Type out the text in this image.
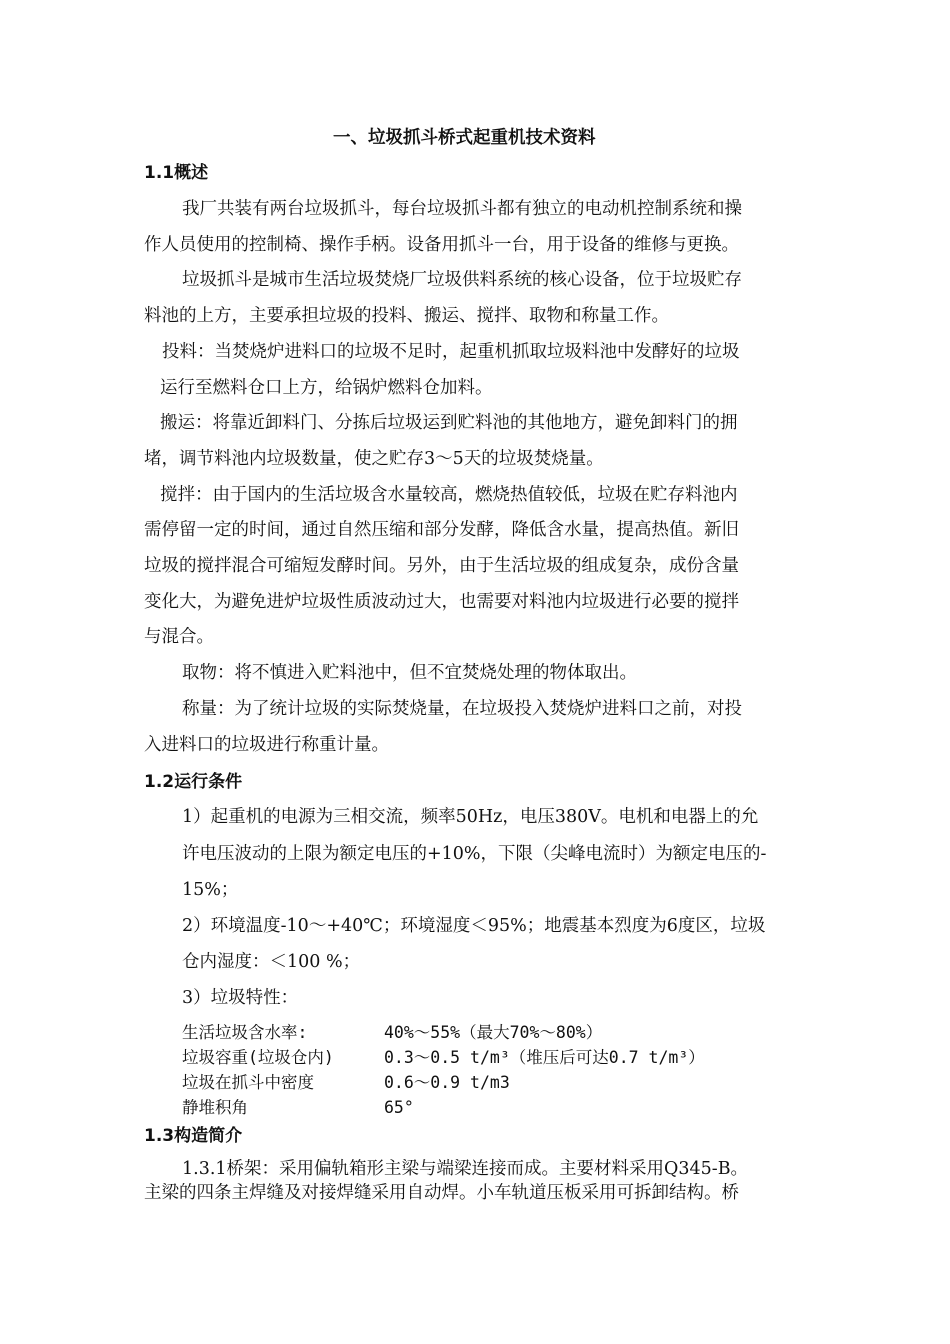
一、垃圾抓斗桥式起重机技术资料
1.1概述
我厂共装有两台垃圾抓斗，每台垃圾抓斗都有独立的电动机控制系统和操
作人员使用的控制椅、操作手柄。设备用抓斗一台，用于设备的维修与更换。
垃圾抓斗是城市生活垃圾焚烧厂垃圾供料系统的核心设备，位于垃圾贮存
料池的上方，主要承担垃圾的投料、搬运、搅拌、取物和称量工作。
投料：当焚烧炉进料口的垃圾不足时，起重机抓取垃圾料池中发酵好的垃圾
运行至燃料仓口上方，给锅炉燃料仓加料。
搬运：将靠近卸料门、分拣后垃圾运到贮料池的其他地方，避免卸料门的拥
堵，调节料池内垃圾数量，使之贮存3～5天的垃圾焚烧量。
搅拌：由于国内的生活垃圾含水量较高，燃烧热值较低，垃圾在贮存料池内
需停留一定的时间，通过自然压缩和部分发酵，降低含水量，提高热值。新旧
垃圾的搅拌混合可缩短发酵时间。另外，由于生活垃圾的组成复杂，成份含量
变化大，为避免进炉垃圾性质波动过大，也需要对料池内垃圾进行必要的搅拌
与混合。
取物：将不慎进入贮料池中，但不宜焚烧处理的物体取出。
称量：为了统计垃圾的实际焚烧量，在垃圾投入焚烧炉进料口之前，对投
入进料口的垃圾进行称重计量。
1.2运行条件
1）起重机的电源为三相交流，频率50Hz，电压380V。电机和电器上的允
许电压波动的上限为额定电压的+10%，下限（尖峰电流时）为额定电压的-
15%；
2）环境温度-10～+40℃；环境湿度＜95%；地震基本烈度为6度区，垃圾
仓内湿度：＜100 %；
3）垃圾特性：
生活垃圾含水率:	40%～55%（最大70%～80%）
垃圾容重(垃圾仓内)	0.3～0.5 t/m³（堆压后可达0.7 t/m³）
垃圾在抓斗中密度	0.6～0.9 t/m3
静堆积角	65°
1.3构造简介
1.3.1桥架：采用偏轨箱形主梁与端梁连接而成。主要材料采用Q345-B。
主梁的四条主焊缝及对接焊缝采用自动焊。小车轨道压板采用可拆卸结构。桥
